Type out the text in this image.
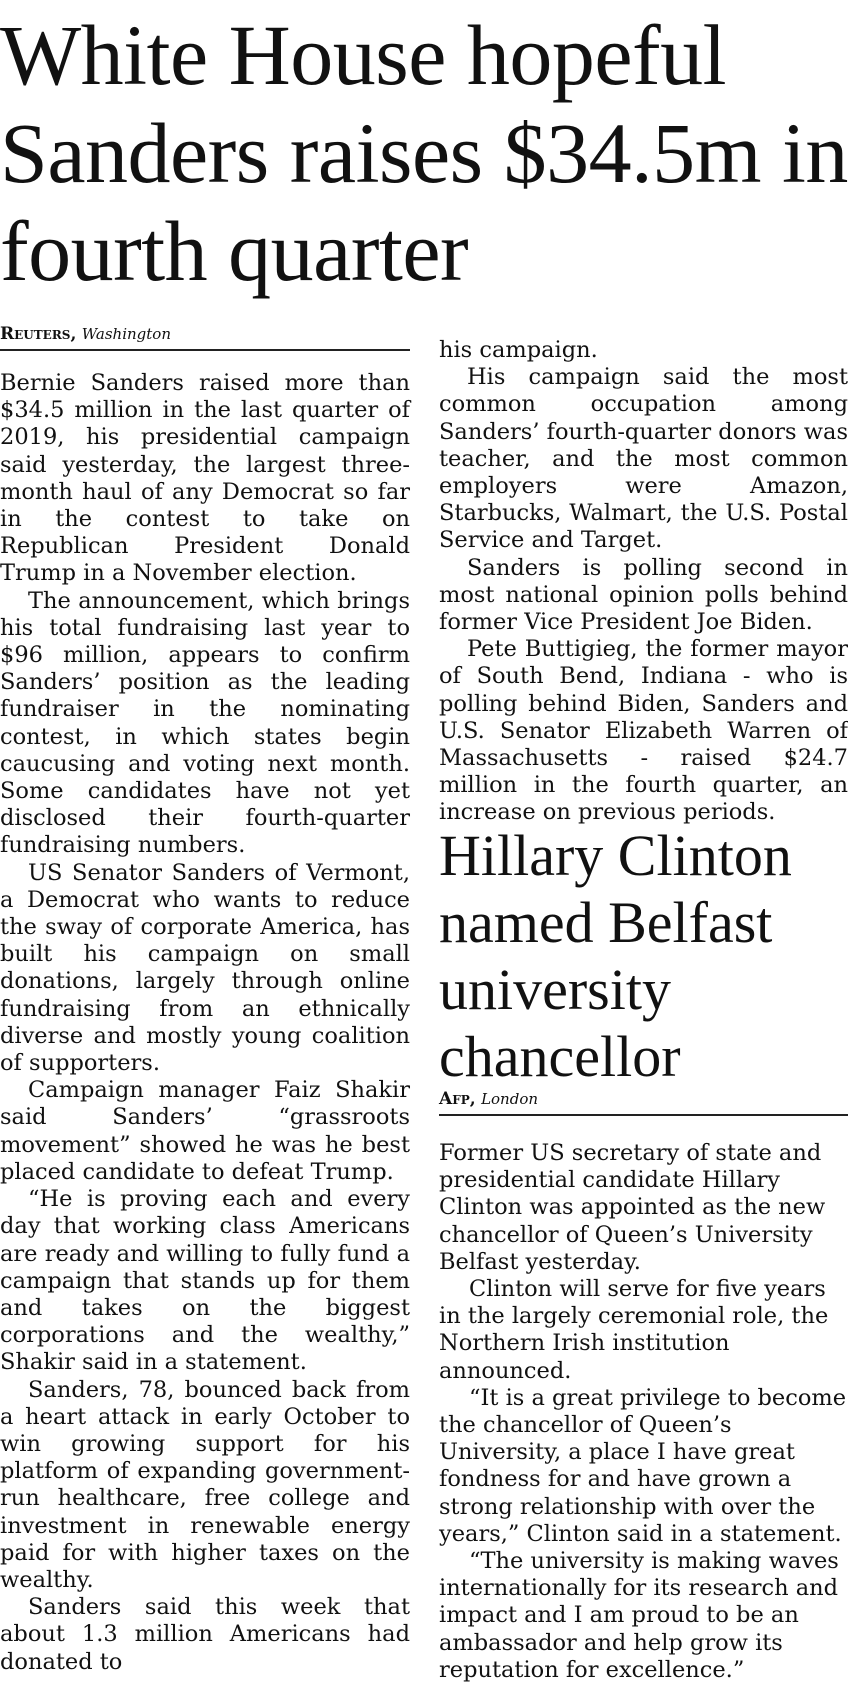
White House hopeful Sanders raises $34.5m in fourth quarter
Reuters, Washington

Bernie Sanders raised more than $34.5 million in the last quarter of 2019, his presidential campaign said yesterday, the largest three-month haul of any Democrat so far in the contest to take on Republican President Donald Trump in a November election.

The announcement, which brings his total fundraising last year to $96 million, appears to confirm Sanders’ position as the leading fundraiser in the nominating contest, in which states begin caucusing and voting next month. Some candidates have not yet disclosed their fourth-quarter fundraising numbers.

US Senator Sanders of Vermont, a Democrat who wants to reduce the sway of corporate America, has built his campaign on small donations, largely through online fundraising from an ethnically diverse and mostly young coalition of supporters.

Campaign manager Faiz Shakir said Sanders’ “grassroots movement” showed he was he best placed candidate to defeat Trump.

“He is proving each and every day that working class Americans are ready and willing to fully fund a campaign that stands up for them and takes on the biggest corporations and the wealthy,” Shakir said in a statement.

Sanders, 78, bounced back from a heart attack in early October to win growing support for his platform of expanding government-run healthcare, free college and investment in renewable energy paid for with higher taxes on the wealthy.

Sanders said this week that about 1.3 million Americans had donated to

his campaign.

His campaign said the most common occupation among Sanders’ fourth-quarter donors was teacher, and the most common employers were Amazon, Starbucks, Walmart, the U.S. Postal Service and Target.

Sanders is polling second in most national opinion polls behind former Vice President Joe Biden.

Pete Buttigieg, the former mayor of South Bend, Indiana - who is polling behind Biden, Sanders and U.S. Senator Elizabeth Warren of Massachusetts - raised $24.7 million in the fourth quarter, an increase on previous periods.

Hillary Clinton named Belfast university chancellor
Afp, London

Former US secretary of state and presidential candidate Hillary Clinton was appointed as the new chancellor of Queen’s University Belfast yesterday.

Clinton will serve for five years in the largely ceremonial role, the Northern Irish institution announced.

“It is a great privilege to become the chancellor of Queen’s University, a place I have great fondness for and have grown a strong relationship with over the years,” Clinton said in a statement.

“The university is making waves internationally for its research and impact and I am proud to be an ambassador and help grow its reputation for excellence.”
